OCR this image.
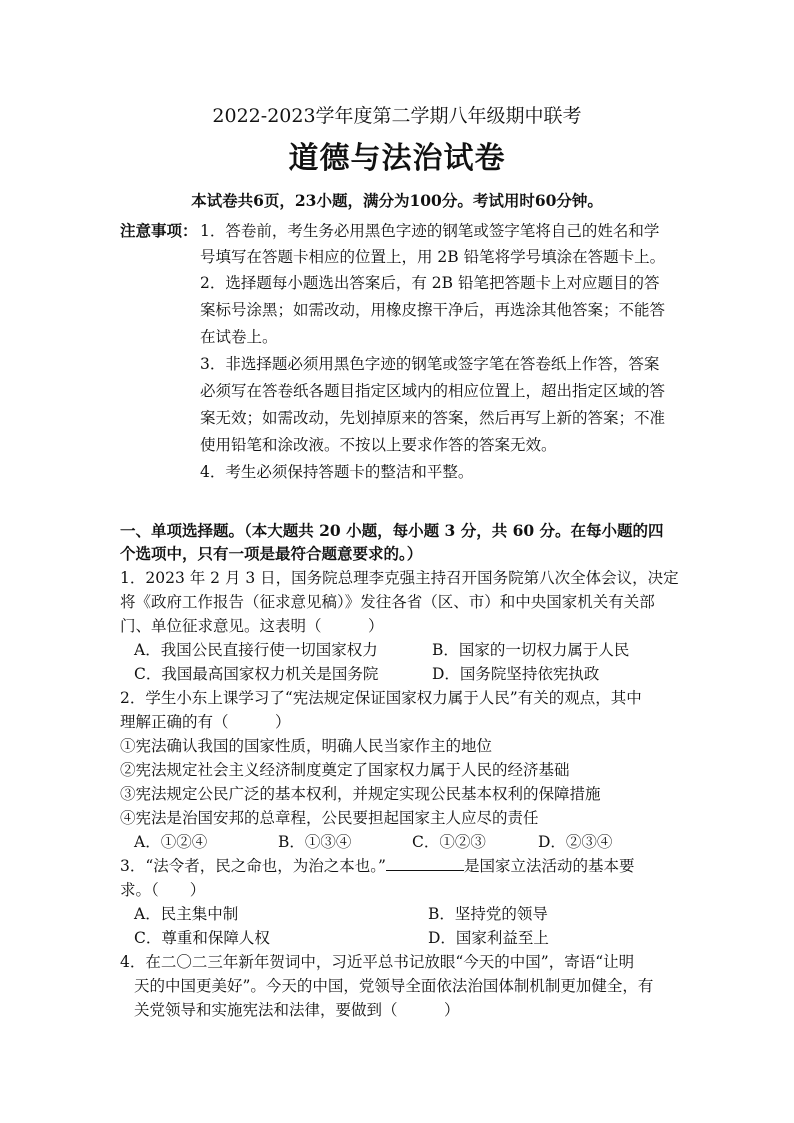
2022-2023学年度第二学期八年级期中联考
道德与法治试卷
本试卷共6页，23小题，满分为100分。考试用时60分钟。
注意事项： 1．答卷前，考生务必用黑色字迹的钢笔或签字笔将自己的姓名和学
号填写在答题卡相应的位置上，用 2B 铅笔将学号填涂在答题卡上。
2．选择题每小题选出答案后，有 2B 铅笔把答题卡上对应题目的答
案标号涂黑；如需改动，用橡皮擦干净后，再选涂其他答案；不能答
在试卷上。
3．非选择题必须用黑色字迹的钢笔或签字笔在答卷纸上作答，答案
必须写在答卷纸各题目指定区域内的相应位置上，超出指定区域的答
案无效；如需改动，先划掉原来的答案，然后再写上新的答案；不准
使用铅笔和涂改液。不按以上要求作答的答案无效。
4．考生必须保持答题卡的整洁和平整。
一、单项选择题。（本大题共 20 小题，每小题 3 分，共 60 分。在每小题的四
个选项中，只有一项是最符合题意要求的。）
1．2023 年 2 月 3 日，国务院总理李克强主持召开国务院第八次全体会议，决定
将《政府工作报告（征求意见稿）》发往各省（区、市）和中央国家机关有关部
门、单位征求意见。这表明（　　　）
A．我国公民直接行使一切国家权力	B．国家的一切权力属于人民
C．我国最高国家权力机关是国务院	D．国务院坚持依宪执政
2．学生小东上课学习了“宪法规定保证国家权力属于人民”有关的观点，其中
理解正确的有（　　　）
①宪法确认我国的国家性质，明确人民当家作主的地位
②宪法规定社会主义经济制度奠定了国家权力属于人民的经济基础
③宪法规定公民广泛的基本权利，并规定实现公民基本权利的保障措施
④宪法是治国安邦的总章程，公民要担起国家主人应尽的责任
A．①②④	B．①③④	C．①②③	D．②③④
3．“法令者，民之命也，为治之本也。”	是国家立法活动的基本要
求。（　　）
A．民主集中制	B．坚持党的领导
C．尊重和保障人权	D．国家利益至上
4．在二〇二三年新年贺词中，习近平总书记放眼“今天的中国”，寄语“让明
天的中国更美好”。今天的中国，党领导全面依法治国体制机制更加健全，有
关党领导和实施宪法和法律，要做到（　　　）
